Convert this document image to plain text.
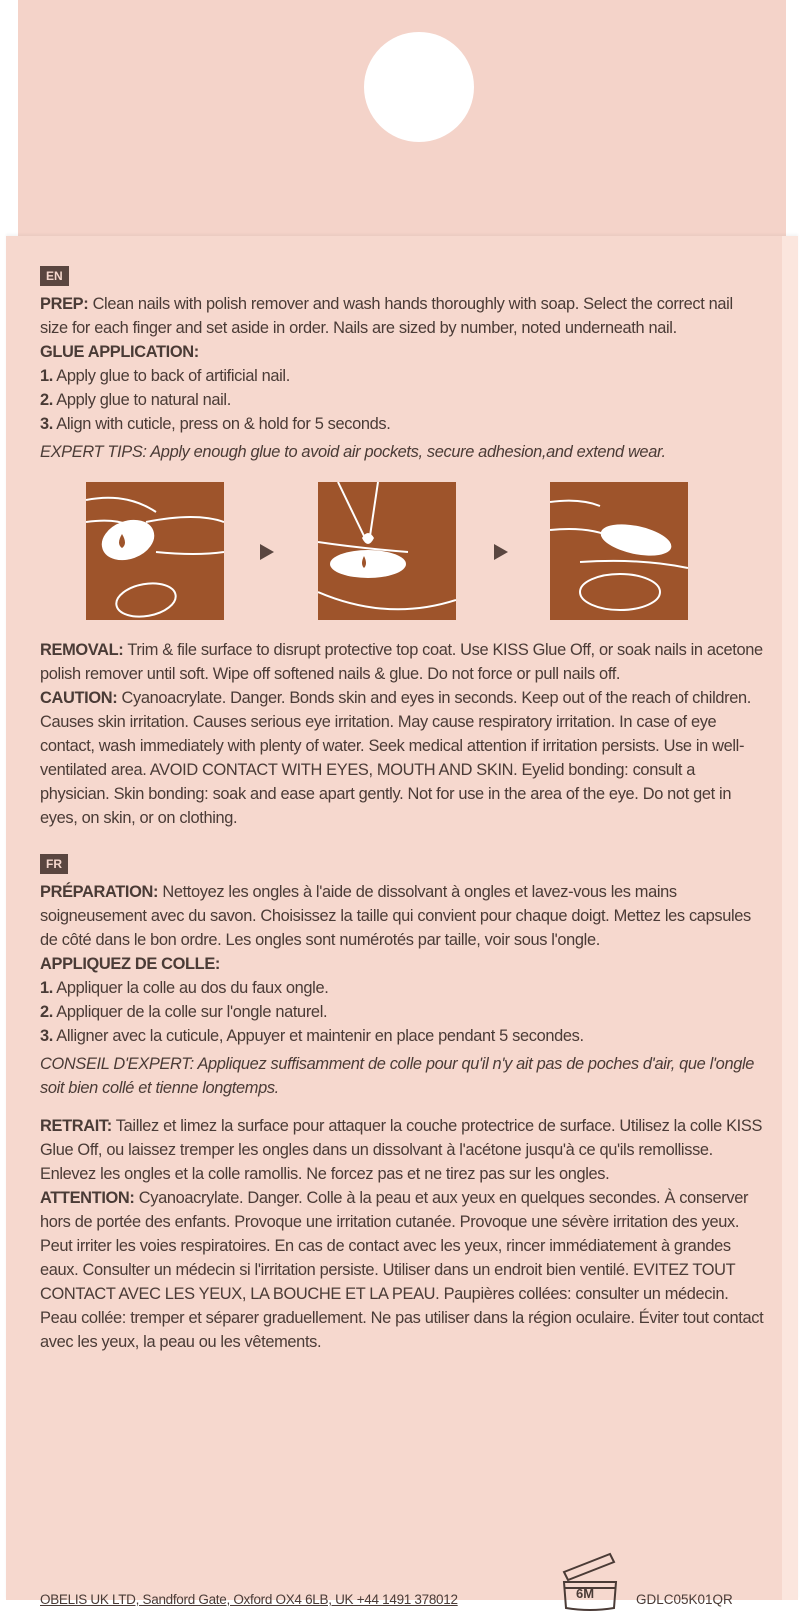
EN

PREP: Clean nails with polish remover and wash hands thoroughly with soap. Select the correct nail size for each finger and set aside in order. Nails are sized by number, noted underneath nail.

GLUE APPLICATION:

1. Apply glue to back of artificial nail.

2. Apply glue to natural nail.

3. Align with cuticle, press on & hold for 5 seconds.

EXPERT TIPS: Apply enough glue to avoid air pockets, secure adhesion,and extend wear.

REMOVAL: Trim & file surface to disrupt protective top coat. Use KISS Glue Off, or soak nails in acetone polish remover until soft. Wipe off softened nails & glue. Do not force or pull nails off.

CAUTION: Cyanoacrylate. Danger. Bonds skin and eyes in seconds. Keep out of the reach of children. Causes skin irritation. Causes serious eye irritation. May cause respiratory irritation. In case of eye contact, wash immediately with plenty of water. Seek medical attention if irritation persists. Use in well-ventilated area. AVOID CONTACT WITH EYES, MOUTH AND SKIN. Eyelid bonding: consult a physician. Skin bonding: soak and ease apart gently. Not for use in the area of the eye. Do not get in eyes, on skin, or on clothing.

FR

PRÉPARATION: Nettoyez les ongles à l'aide de dissolvant à ongles et lavez-vous les mains soigneusement avec du savon. Choisissez la taille qui convient pour chaque doigt. Mettez les capsules de côté dans le bon ordre. Les ongles sont numérotés par taille, voir sous l'ongle.

APPLIQUEZ DE COLLE:

1. Appliquer la colle au dos du faux ongle.

2. Appliquer de la colle sur l'ongle naturel.

3. Alligner avec la cuticule, Appuyer et maintenir en place pendant 5 secondes.

CONSEIL D'EXPERT: Appliquez suffisamment de colle pour qu'il n'y ait pas de poches d'air, que l'ongle soit bien collé et tienne longtemps.

RETRAIT: Taillez et limez la surface pour attaquer la couche protectrice de surface. Utilisez la colle KISS Glue Off, ou laissez tremper les ongles dans un dissolvant à l'acétone jusqu'à ce qu'ils remollisse. Enlevez les ongles et la colle ramollis. Ne forcez pas et ne tirez pas sur les ongles.

ATTENTION: Cyanoacrylate. Danger. Colle à la peau et aux yeux en quelques secondes. À conserver hors de portée des enfants. Provoque une irritation cutanée. Provoque une sévère irritation des yeux. Peut irriter les voies respiratoires. En cas de contact avec les yeux, rincer immédiatement à grandes eaux. Consulter un médecin si l'irritation persiste. Utiliser dans un endroit bien ventilé. EVITEZ TOUT CONTACT AVEC LES YEUX, LA BOUCHE ET LA PEAU. Paupières collées: consulter un médecin. Peau collée: tremper et séparer graduellement. Ne pas utiliser dans la région oculaire. Éviter tout contact avec les yeux, la peau ou les vêtements.

OBELIS UK LTD, Sandford Gate, Oxford OX4 6LB, UK +44 1491 378012	6M	GDLC05K01QR
